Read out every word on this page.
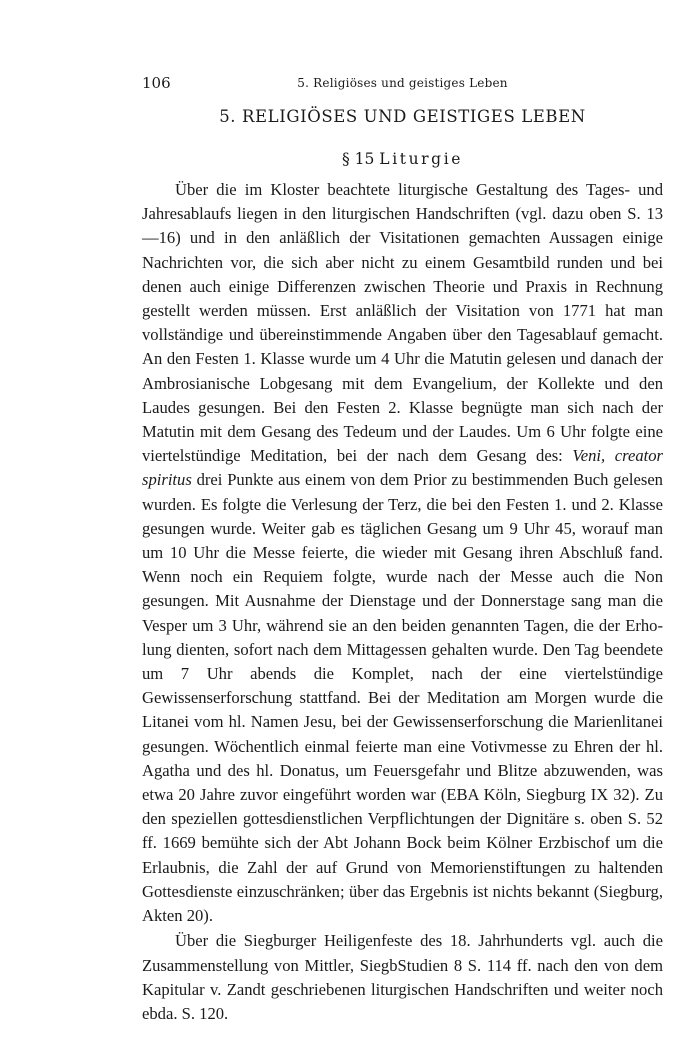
106	5. Religiöses und geistiges Leben
5. RELIGIÖSES UND GEISTIGES LEBEN
§ 15 Liturgie

Über die im Kloster beachtete liturgische Gestaltung des Tages- und Jahresablaufs liegen in den liturgischen Handschriften (vgl. dazu oben S. 13—16) und in den anläßlich der Visitationen gemachten Aussagen einige Nachrichten vor, die sich aber nicht zu einem Gesamtbild runden und bei denen auch einige Differenzen zwischen Theorie und Praxis in Rechnung gestellt werden müssen. Erst anläßlich der Visitation von 1771 hat man vollständige und übereinstimmende Angaben über den Tagesablauf gemacht. An den Festen 1. Klasse wurde um 4 Uhr die Matutin gelesen und danach der Ambrosianische Lobgesang mit dem Evangelium, der Kollekte und den Laudes gesungen. Bei den Festen 2. Klasse begnügte man sich nach der Matutin mit dem Gesang des Tedeum und der Laudes. Um 6 Uhr folgte eine viertelstündige Meditation, bei der nach dem Gesang des: Veni, creator spiritus drei Punkte aus einem von dem Prior zu bestimmenden Buch gelesen wurden. Es folgte die Verlesung der Terz, die bei den Festen 1. und 2. Klasse gesungen wurde. Weiter gab es täglichen Gesang um 9 Uhr 45, worauf man um 10 Uhr die Messe feierte, die wieder mit Gesang ihren Abschluß fand. Wenn noch ein Requiem folgte, wurde nach der Messe auch die Non gesungen. Mit Ausnahme der Dienstage und der Donnerstage sang man die Vesper um 3 Uhr, während sie an den beiden genannten Tagen, die der Erholung dienten, sofort nach dem Mittagessen gehalten wurde. Den Tag beendete um 7 Uhr abends die Komplet, nach der eine viertelstündige Gewissenserforschung stattfand. Bei der Meditation am Morgen wurde die Litanei vom hl. Namen Jesu, bei der Gewissenserforschung die Marienlitanei gesungen. Wöchentlich einmal feierte man eine Votivmesse zu Ehren der hl. Agatha und des hl. Donatus, um Feuersgefahr und Blitze abzuwenden, was etwa 20 Jahre zuvor eingeführt worden war (EBA Köln, Siegburg IX 32). Zu den speziellen gottesdienstlichen Verpflichtungen der Dignitäre s. oben S. 52 ff. 1669 bemühte sich der Abt Johann Bock beim Kölner Erzbischof um die Erlaubnis, die Zahl der auf Grund von Memorienstiftungen zu haltenden Gottesdienste einzuschränken; über das Ergebnis ist nichts bekannt (Siegburg, Akten 20).

Über die Siegburger Heiligenfeste des 18. Jahrhunderts vgl. auch die Zusammenstellung von Mittler, SiegbStudien 8 S. 114 ff. nach den von dem Kapitular v. Zandt geschriebenen liturgischen Handschriften und weiter noch ebda. S. 120.
